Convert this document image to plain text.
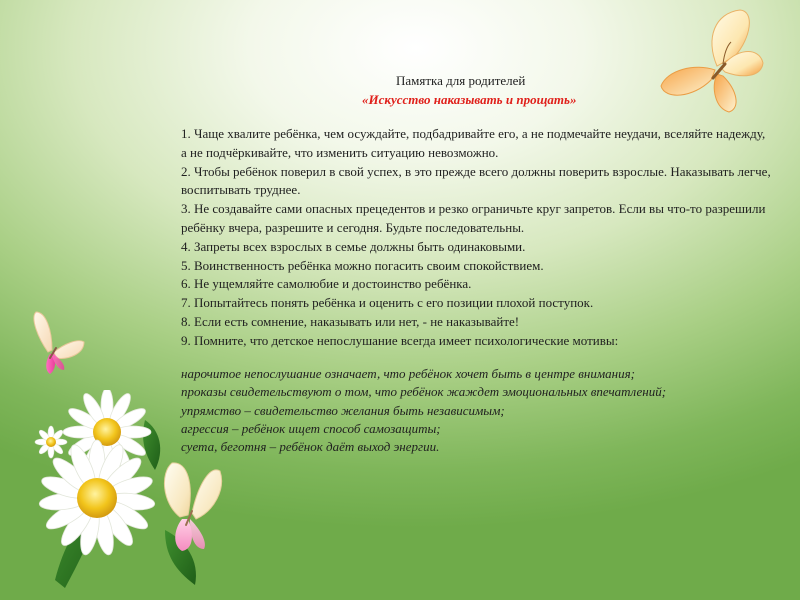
Памятка для родителей
«Искусство наказывать и прощать»
1. Чаще хвалите ребёнка, чем осуждайте, подбадривайте его, а не подмечайте неудачи, вселяйте надежду, а не подчёркивайте, что изменить ситуацию невозможно.
2. Чтобы ребёнок поверил в свой успех, в это прежде всего должны поверить взрослые. Наказывать легче, воспитывать труднее.
3. Не создавайте сами опасных прецедентов и резко ограничьте круг запретов. Если вы что-то разрешили ребёнку вчера, разрешите и сегодня. Будьте последовательны.
4. Запреты всех взрослых в семье должны быть одинаковыми.
5. Воинственность ребёнка можно погасить своим спокойствием.
6. Не ущемляйте самолюбие и достоинство ребёнка.
7. Попытайтесь понять ребёнка и оценить с его позиции плохой поступок.
8. Если есть сомнение, наказывать или нет, - не наказывайте!
9. Помните, что детское непослушание всегда имеет психологические мотивы:
нарочитое непослушание означает, что ребёнок хочет быть в центре внимания;
проказы свидетельствуют о том, что ребёнок жаждет эмоциональных впечатлений;
упрямство – свидетельство желания быть независимым;
агрессия – ребёнок ищет способ самозащиты;
суета, беготня – ребёнок даёт выход энергии.
